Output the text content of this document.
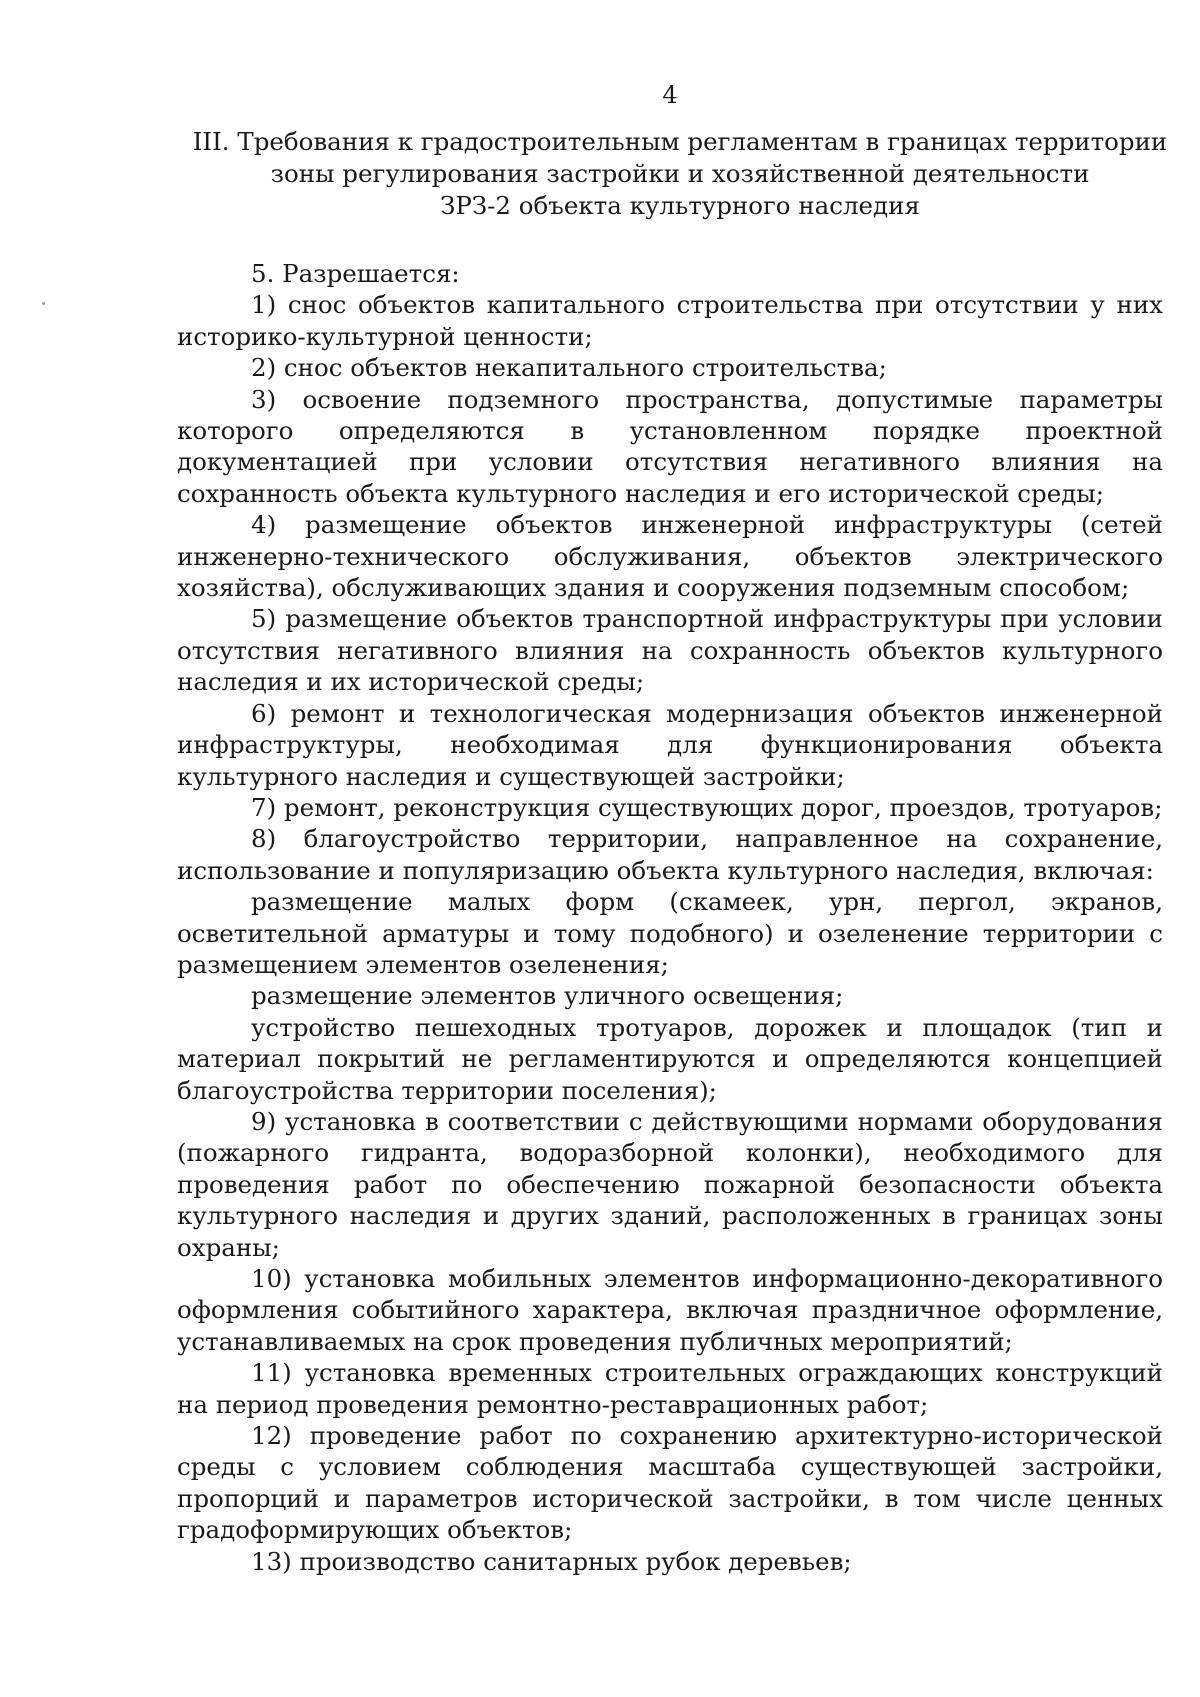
4
III. Требования к градостроительным регламентам в границах территории
зоны регулирования застройки и хозяйственной деятельности
ЗРЗ-2 объекта культурного наследия

5. Разрешается:

1) снос объектов капитального строительства при отсутствии у них историко-культурной ценности;

2) снос объектов некапитального строительства;

3) освоение подземного пространства, допустимые параметры которого определяются в установленном порядке проектной документацией при условии отсутствия негативного влияния на сохранность объекта культурного наследия и его исторической среды;

4) размещение объектов инженерной инфраструктуры (сетей инженерно-технического обслуживания, объектов электрического хозяйства), обслуживающих здания и сооружения подземным способом;

5) размещение объектов транспортной инфраструктуры при условии отсутствия негативного влияния на сохранность объектов культурного наследия и их исторической среды;

6) ремонт и технологическая модернизация объектов инженерной инфраструктуры, необходимая для функционирования объекта культурного наследия и существующей застройки;

7) ремонт, реконструкция существующих дорог, проездов, тротуаров;

8) благоустройство территории, направленное на сохранение, использование и популяризацию объекта культурного наследия, включая:

размещение малых форм (скамеек, урн, пергол, экранов, осветительной арматуры и тому подобного) и озеленение территории с размещением элементов озеленения;

размещение элементов уличного освещения;

устройство пешеходных тротуаров, дорожек и площадок (тип и материал покрытий не регламентируются и определяются концепцией благоустройства территории поселения);

9) установка в соответствии с действующими нормами оборудования (пожарного гидранта, водоразборной колонки), необходимого для проведения работ по обеспечению пожарной безопасности объекта культурного наследия и других зданий, расположенных в границах зоны охраны;

10) установка мобильных элементов информационно-декоративного оформления событийного характера, включая праздничное оформление, устанавливаемых на срок проведения публичных мероприятий;

11) установка временных строительных ограждающих конструкций на период проведения ремонтно-реставрационных работ;

12) проведение работ по сохранению архитектурно-исторической среды с условием соблюдения масштаба существующей застройки, пропорций и параметров исторической застройки, в том числе ценных градоформирующих объектов;

13) производство санитарных рубок деревьев;
